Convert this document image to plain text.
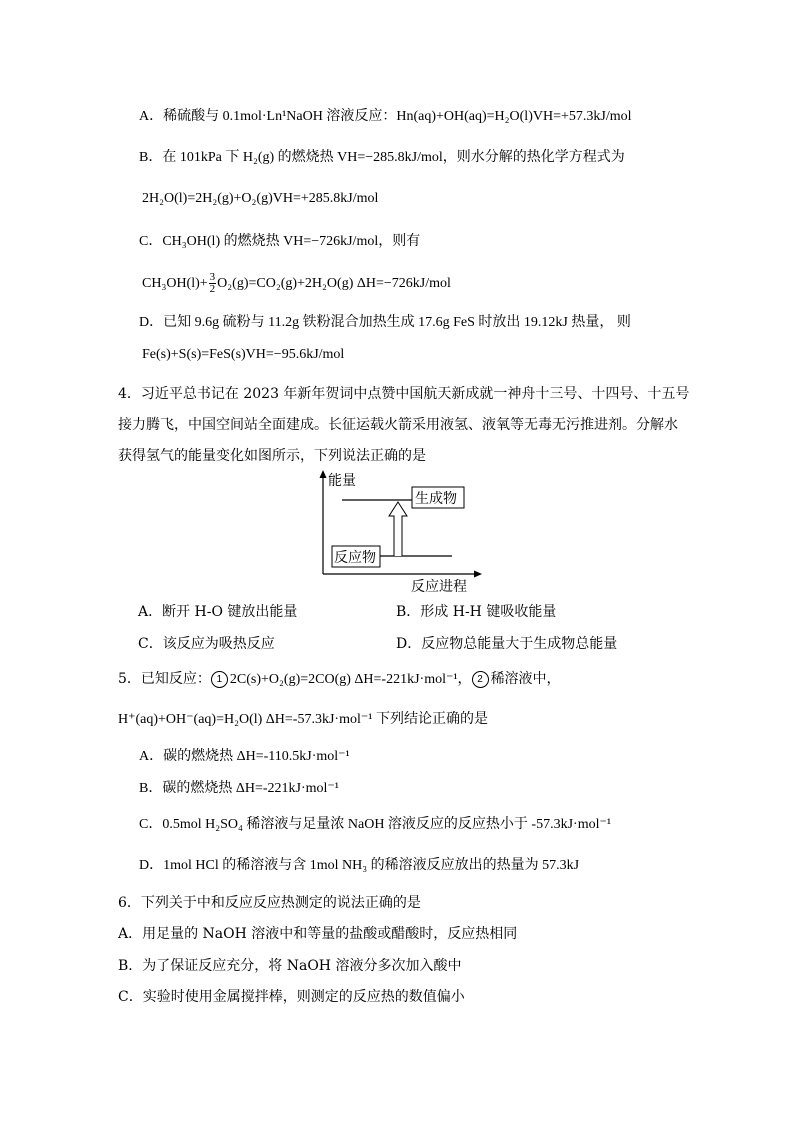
A．稀硫酸与 0.1mol·Ln¹NaOH 溶液反应：Hn(aq)+OH(aq)=H₂O(l)VH=+57.3kJ/mol
B．在 101kPa 下 H₂(g) 的燃烧热 VH=−285.8kJ/mol，则水分解的热化学方程式为
2H₂O(l)=2H₂(g)+O₂(g)VH=+285.8kJ/mol
C．CH₃OH(l) 的燃烧热 VH=−726kJ/mol，则有
$CH_3OH(l)+ \frac{3}{2} O_2(g)=CO_2(g)+2H_2O(g)$ ΔH=−726kJ/mol
D．已知 9.6g 硫粉与 11.2g 铁粉混合加热生成 17.6g FeS 时放出 19.12kJ 热量， 则
Fe(s)+S(s)=FeS(s)VH=−95.6kJ/mol
4．习近平总书记在 2023 年新年贺词中点赞中国航天新成就一神舟十三号、十四号、十五号
接力腾飞，中国空间站全面建成。长征运载火箭采用液氢、液氧等无毒无污推进剂。分解水
获得氢气的能量变化如图所示，下列说法正确的是
能量
反应进程
生成物
反应物
A．断开 H-O 键放出能量	B．形成 H-H 键吸收能量
C．该反应为吸热反应	D．反应物总能量大于生成物总能量
5．已知反应： 1 2C(s)+O₂(g)=2CO(g) ΔH=-221kJ·mol⁻¹， 2 稀溶液中，
H⁺(aq)+OH⁻(aq)=H₂O(l) ΔH=-57.3kJ·mol⁻¹ 下列结论正确的是
A．碳的燃烧热 ΔH=-110.5kJ·mol⁻¹
B．碳的燃烧热 ΔH=-221kJ·mol⁻¹
C．0.5mol H₂SO₄ 稀溶液与足量浓 NaOH 溶液反应的反应热小于 -57.3kJ·mol⁻¹
D．1mol HCl 的稀溶液与含 1mol NH₃ 的稀溶液反应放出的热量为 57.3kJ
6．下列关于中和反应反应热测定的说法正确的是
A．用足量的 NaOH 溶液中和等量的盐酸或醋酸时，反应热相同
B．为了保证反应充分，将 NaOH 溶液分多次加入酸中
C．实验时使用金属搅拌棒，则测定的反应热的数值偏小
